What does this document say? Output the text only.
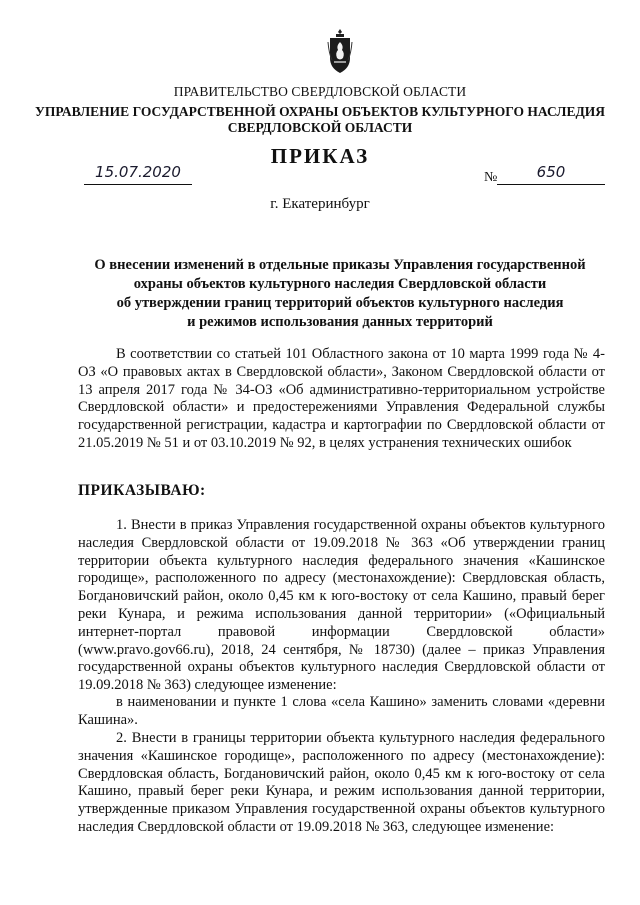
ПРАВИТЕЛЬСТВО СВЕРДЛОВСКОЙ ОБЛАСТИ
УПРАВЛЕНИЕ ГОСУДАРСТВЕННОЙ ОХРАНЫ ОБЪЕКТОВ КУЛЬТУРНОГО НАСЛЕДИЯ
СВЕРДЛОВСКОЙ ОБЛАСТИ
ПРИКАЗ
15.07.2020	№	650
г. Екатеринбург
О внесении изменений в отдельные приказы Управления государственной
охраны объектов культурного наследия Свердловской области
об утверждении границ территорий объектов культурного наследия
и режимов использования данных территорий
В соответствии со статьей 101 Областного закона от 10 марта 1999 года № 4-ОЗ «О правовых актах в Свердловской области», Законом Свердловской области от 13 апреля 2017 года № 34-ОЗ «Об административно-территориальном устройстве Свердловской области» и предостережениями Управления Федеральной службы государственной регистрации, кадастра и картографии по Свердловской области от 21.05.2019 № 51 и от 03.10.2019 № 92, в целях устранения технических ошибок
ПРИКАЗЫВАЮ:
1. Внести в приказ Управления государственной охраны объектов культурного наследия Свердловской области от 19.09.2018 № 363 «Об утверждении границ территории объекта культурного наследия федерального значения «Кашинское городище», расположенного по адресу (местонахождение): Свердловская область, Богдановичский район, около 0,45 км к юго-востоку от села Кашино, правый берег реки Кунара, и режима использования данной территории» («Официальный интернет-портал правовой информации Свердловской области» (www.pravo.gov66.ru), 2018, 24 сентября, № 18730) (далее – приказ Управления государственной охраны объектов культурного наследия Свердловской области от 19.09.2018 № 363) следующее изменение:
в наименовании и пункте 1 слова «села Кашино» заменить словами «деревни Кашина».
2. Внести в границы территории объекта культурного наследия федерального значения «Кашинское городище», расположенного по адресу (местонахождение): Свердловская область, Богдановичский район, около 0,45 км к юго-востоку от села Кашино, правый берег реки Кунара, и режим использования данной территории, утвержденные приказом Управления государственной охраны объектов культурного наследия Свердловской области от 19.09.2018 № 363, следующее изменение:
